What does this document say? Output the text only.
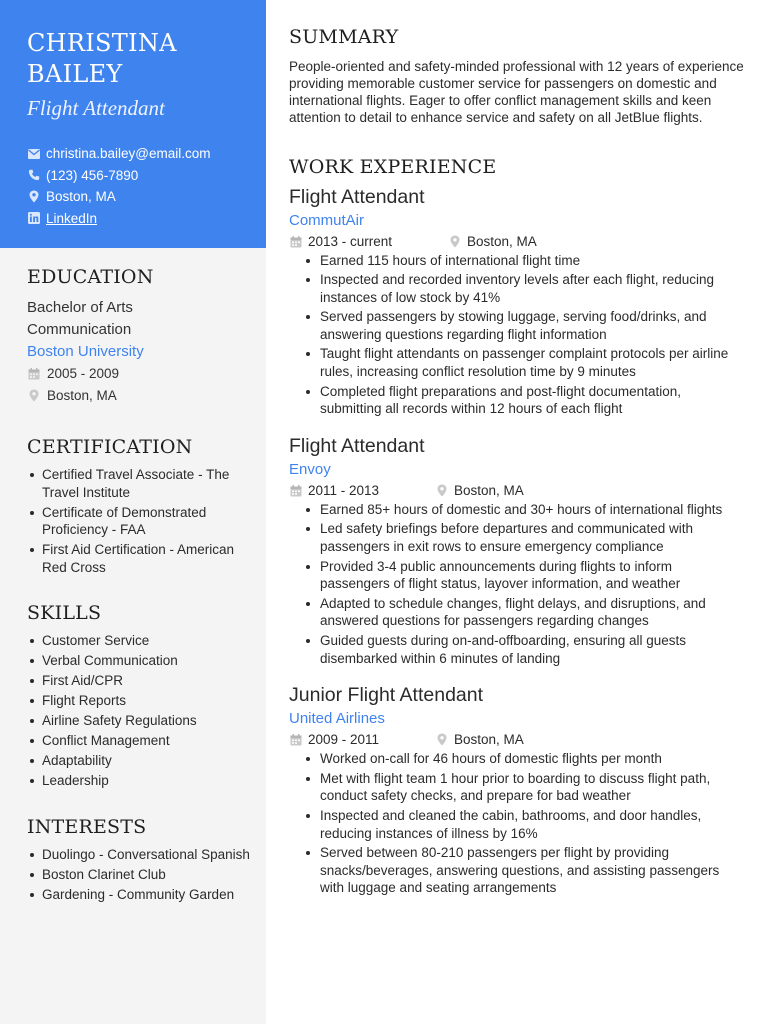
CHRISTINA
BAILEY
Flight Attendant
christina.bailey@email.com
(123) 456-7890
Boston, MA
LinkedIn
EDUCATION
Bachelor of Arts
Communication
Boston University
2005 - 2009
Boston, MA
CERTIFICATION
Certified Travel Associate - The Travel Institute
Certificate of Demonstrated Proficiency - FAA
First Aid Certification - American Red Cross
SKILLS
Customer Service
Verbal Communication
First Aid/CPR
Flight Reports
Airline Safety Regulations
Conflict Management
Adaptability
Leadership
INTERESTS
Duolingo - Conversational Spanish
Boston Clarinet Club
Gardening - Community Garden
SUMMARY
People-oriented and safety-minded professional with 12 years of experience providing memorable customer service for passengers on domestic and international flights. Eager to offer conflict management skills and keen attention to detail to enhance service and safety on all JetBlue flights.
WORK EXPERIENCE
Flight Attendant
CommutAir
2013 - current	Boston, MA
Earned 115 hours of international flight time
Inspected and recorded inventory levels after each flight, reducing instances of low stock by 41%
Served passengers by stowing luggage, serving food/drinks, and answering questions regarding flight information
Taught flight attendants on passenger complaint protocols per airline rules, increasing conflict resolution time by 9 minutes
Completed flight preparations and post-flight documentation, submitting all records within 12 hours of each flight
Flight Attendant
Envoy
2011 - 2013	Boston, MA
Earned 85+ hours of domestic and 30+ hours of international flights
Led safety briefings before departures and communicated with passengers in exit rows to ensure emergency compliance
Provided 3-4 public announcements during flights to inform passengers of flight status, layover information, and weather
Adapted to schedule changes, flight delays, and disruptions, and answered questions for passengers regarding changes
Guided guests during on-and-offboarding, ensuring all guests disembarked within 6 minutes of landing
Junior Flight Attendant
United Airlines
2009 - 2011	Boston, MA
Worked on-call for 46 hours of domestic flights per month
Met with flight team 1 hour prior to boarding to discuss flight path, conduct safety checks, and prepare for bad weather
Inspected and cleaned the cabin, bathrooms, and door handles, reducing instances of illness by 16%
Served between 80-210 passengers per flight by providing snacks/beverages, answering questions, and assisting passengers with luggage and seating arrangements
